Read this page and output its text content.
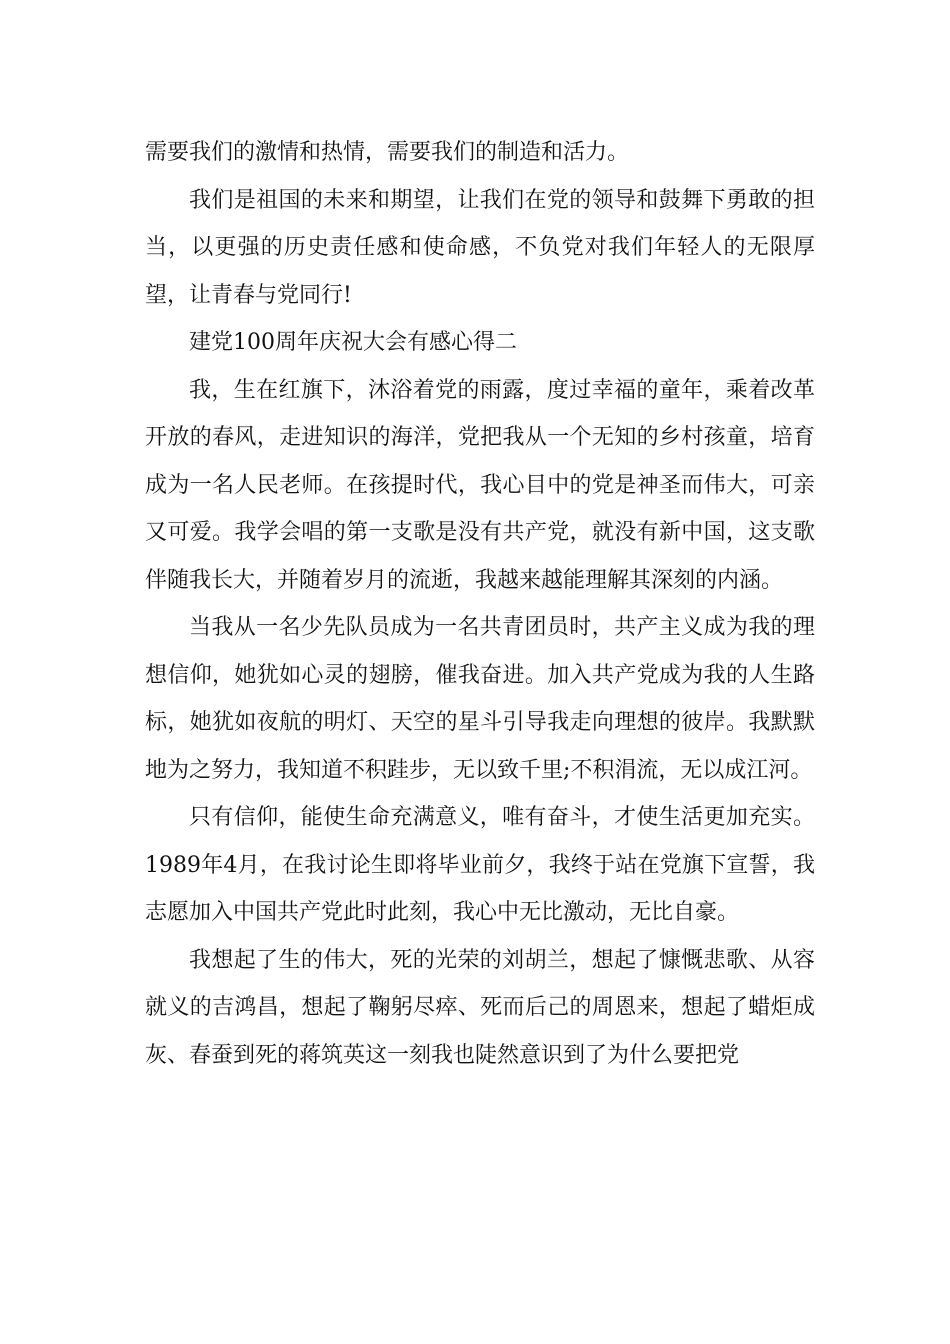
需要我们的激情和热情，需要我们的制造和活力。

我们是祖国的未来和期望，让我们在党的领导和鼓舞下勇敢的担当，以更强的历史责任感和使命感，不负党对我们年轻人的无限厚望，让青春与党同行!

建党100周年庆祝大会有感心得二

我，生在红旗下，沐浴着党的雨露，度过幸福的童年，乘着改革开放的春风，走进知识的海洋，党把我从一个无知的乡村孩童，培育成为一名人民老师。在孩提时代，我心目中的党是神圣而伟大，可亲又可爱。我学会唱的第一支歌是没有共产党，就没有新中国，这支歌伴随我长大，并随着岁月的流逝，我越来越能理解其深刻的内涵。

当我从一名少先队员成为一名共青团员时，共产主义成为我的理想信仰，她犹如心灵的翅膀，催我奋进。加入共产党成为我的人生路标，她犹如夜航的明灯、天空的星斗引导我走向理想的彼岸。我默默地为之努力，我知道不积跬步，无以致千里;不积涓流，无以成江河。

只有信仰，能使生命充满意义，唯有奋斗，才使生活更加充实。1989年4月，在我讨论生即将毕业前夕，我终于站在党旗下宣誓，我志愿加入中国共产党此时此刻，我心中无比激动，无比自豪。

我想起了生的伟大，死的光荣的刘胡兰，想起了慷慨悲歌、从容就义的吉鸿昌，想起了鞠躬尽瘁、死而后己的周恩来，想起了蜡炬成灰、春蚕到死的蒋筑英这一刻我也陡然意识到了为什么要把党
